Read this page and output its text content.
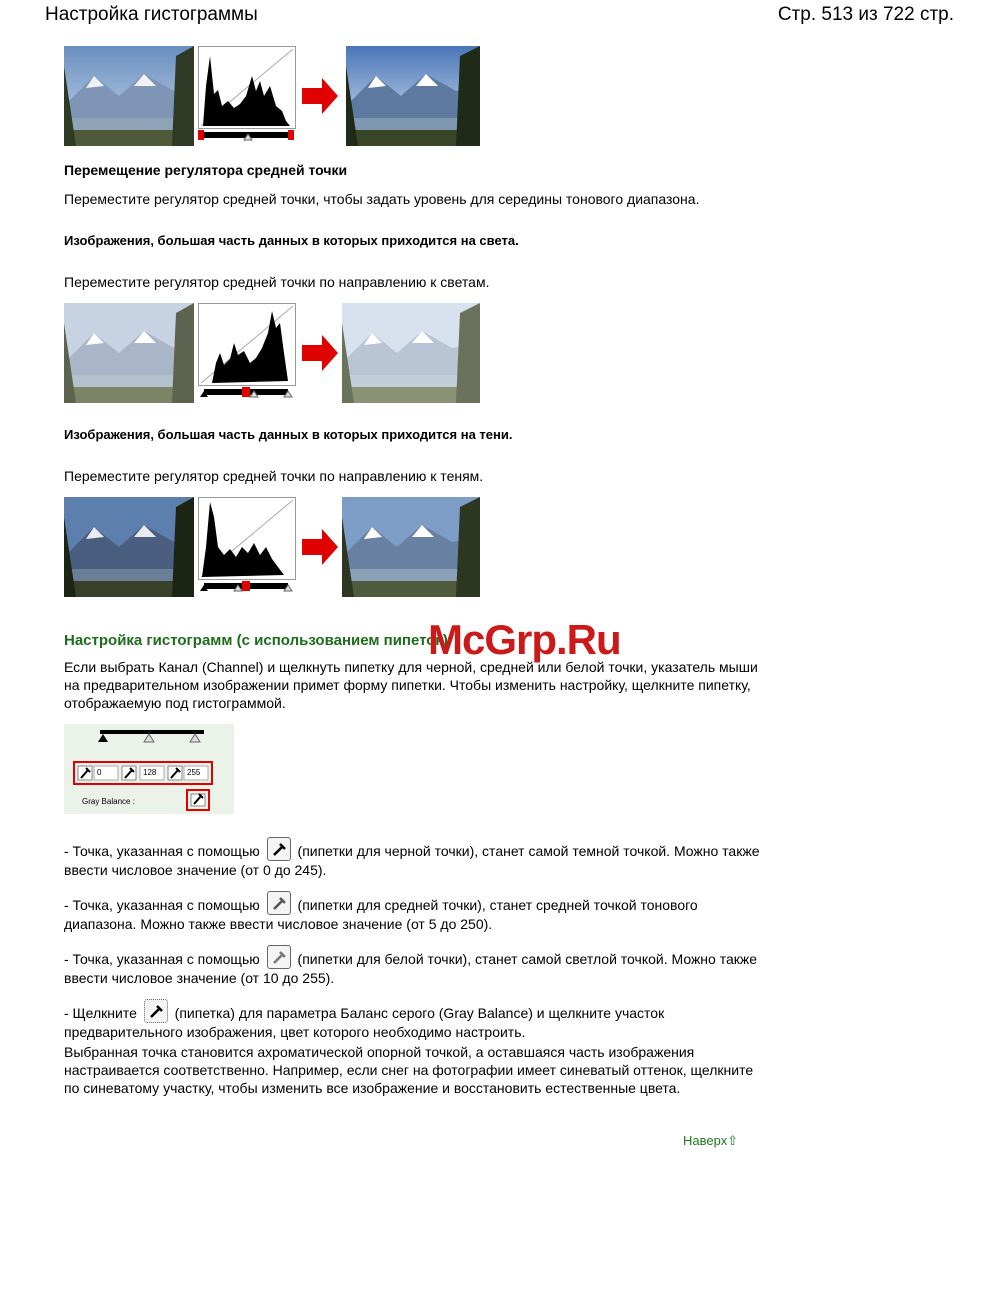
Настройка гистограммы	Стр. 513 из 722 стр.
Перемещение регулятора средней точки
Переместите регулятор средней точки, чтобы задать уровень для середины тонового диапазона.
Изображения, большая часть данных в которых приходится на света.
Переместите регулятор средней точки по направлению к светам.
Изображения, большая часть данных в которых приходится на тени.
Переместите регулятор средней точки по направлению к теням.
Настройка гистограмм (с использованием пипеток)
Если выбрать Канал (Channel) и щелкнуть пипетку для черной, средней или белой точки, указатель мыши на предварительном изображении примет форму пипетки. Чтобы изменить настройку, щелкните пипетку, отображаемую под гистограммой.
0	128	255
Gray Balance :
- Точка, указанная с помощью	(пипетки для черной точки), станет самой темной точкой. Можно также ввести числовое значение (от 0 до 245).
- Точка, указанная с помощью	(пипетки для средней точки), станет средней точкой тонового диапазона. Можно также ввести числовое значение (от 5 до 250).
- Точка, указанная с помощью	(пипетки для белой точки), станет самой светлой точкой. Можно также ввести числовое значение (от 10 до 255).
- Щелкните	(пипетка) для параметра Баланс серого (Gray Balance) и щелкните участок предварительного изображения, цвет которого необходимо настроить.
Выбранная точка становится ахроматической опорной точкой, а оставшаяся часть изображения настраивается соответственно. Например, если снег на фотографии имеет синеватый оттенок, щелкните по синеватому участку, чтобы изменить все изображение и восстановить естественные цвета.
Наверх⇧
McGrp.Ru
